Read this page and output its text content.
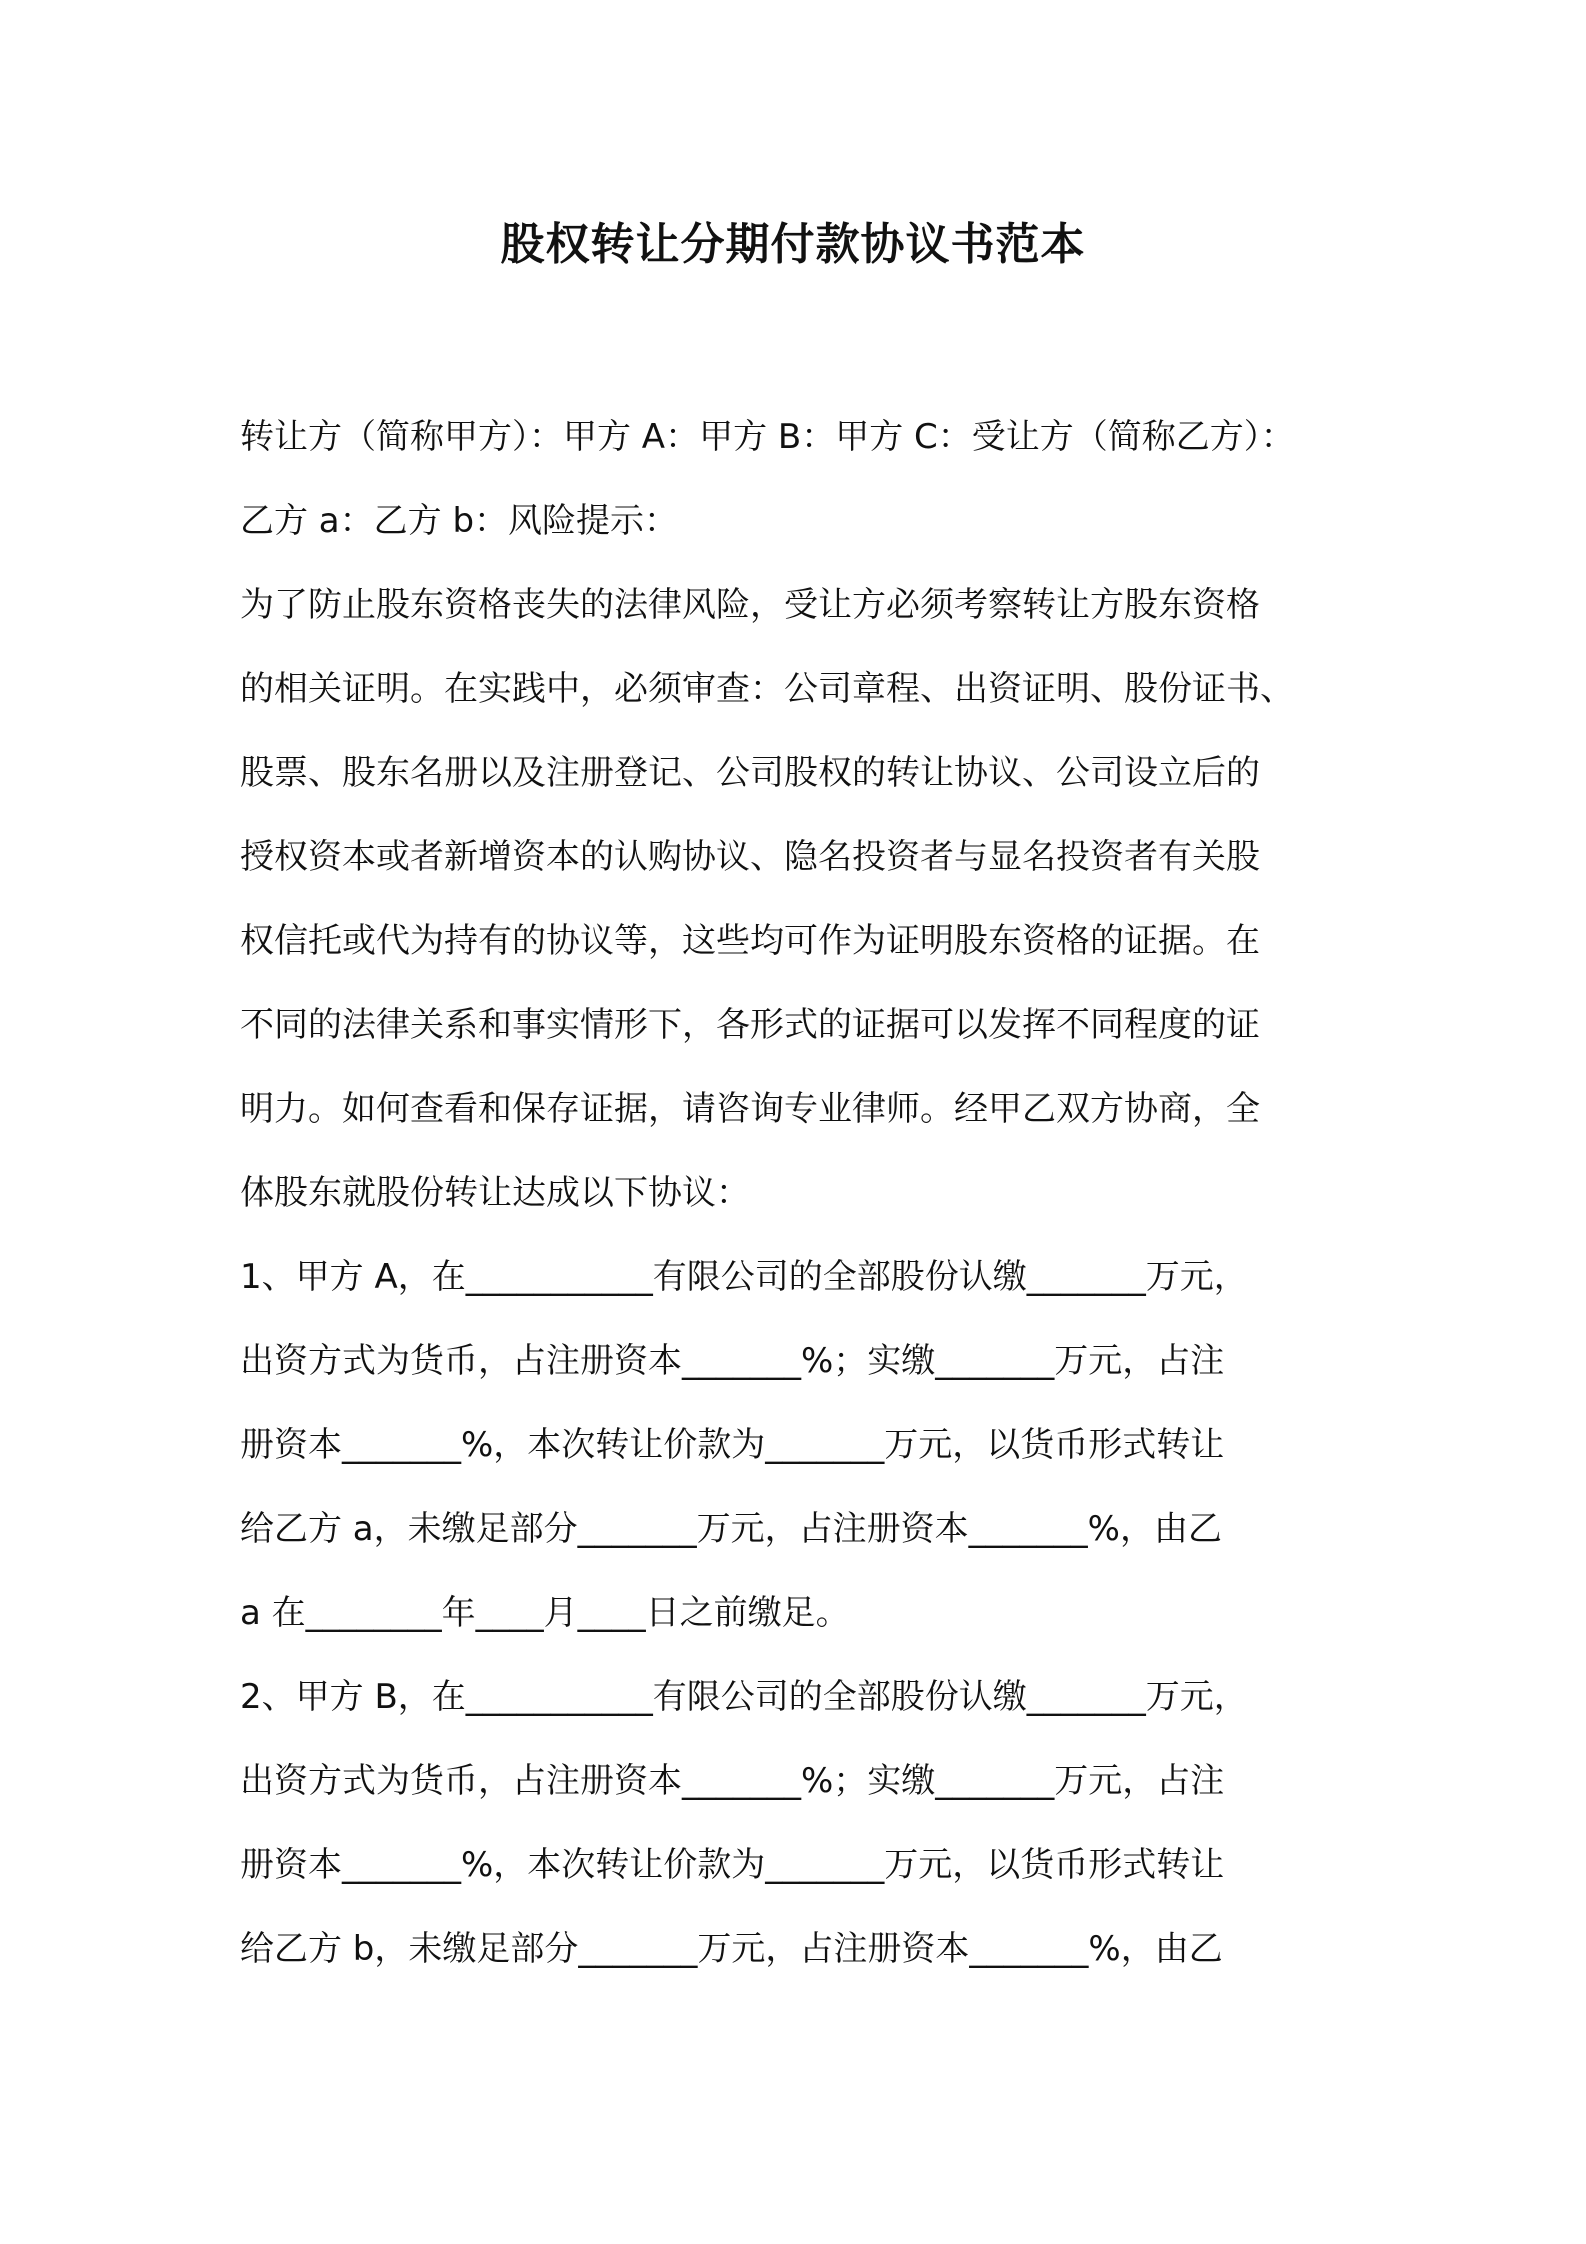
股权转让分期付款协议书范本
转让方（简称甲方）：甲方 A：甲方 B：甲方 C：受让方（简称乙方）：
乙方 a：乙方 b：风险提示：
为了防止股东资格丧失的法律风险，受让方必须考察转让方股东资格
的相关证明。在实践中，必须审查：公司章程、出资证明、股份证书、
股票、股东名册以及注册登记、公司股权的转让协议、公司设立后的
授权资本或者新增资本的认购协议、隐名投资者与显名投资者有关股
权信托或代为持有的协议等，这些均可作为证明股东资格的证据。在
不同的法律关系和事实情形下，各形式的证据可以发挥不同程度的证
明力。如何查看和保存证据，请咨询专业律师。经甲乙双方协商，全
体股东就股份转让达成以下协议：
1、甲方 A，在___________有限公司的全部股份认缴_______万元，
出资方式为货币，占注册资本_______%；实缴_______万元，占注
册资本_______%，本次转让价款为_______万元，以货币形式转让
给乙方 a，未缴足部分_______万元，占注册资本_______%，由乙
a 在________年____月____日之前缴足。
2、甲方 B，在___________有限公司的全部股份认缴_______万元，
出资方式为货币，占注册资本_______%；实缴_______万元，占注
册资本_______%，本次转让价款为_______万元，以货币形式转让
给乙方 b，未缴足部分_______万元，占注册资本_______%，由乙
